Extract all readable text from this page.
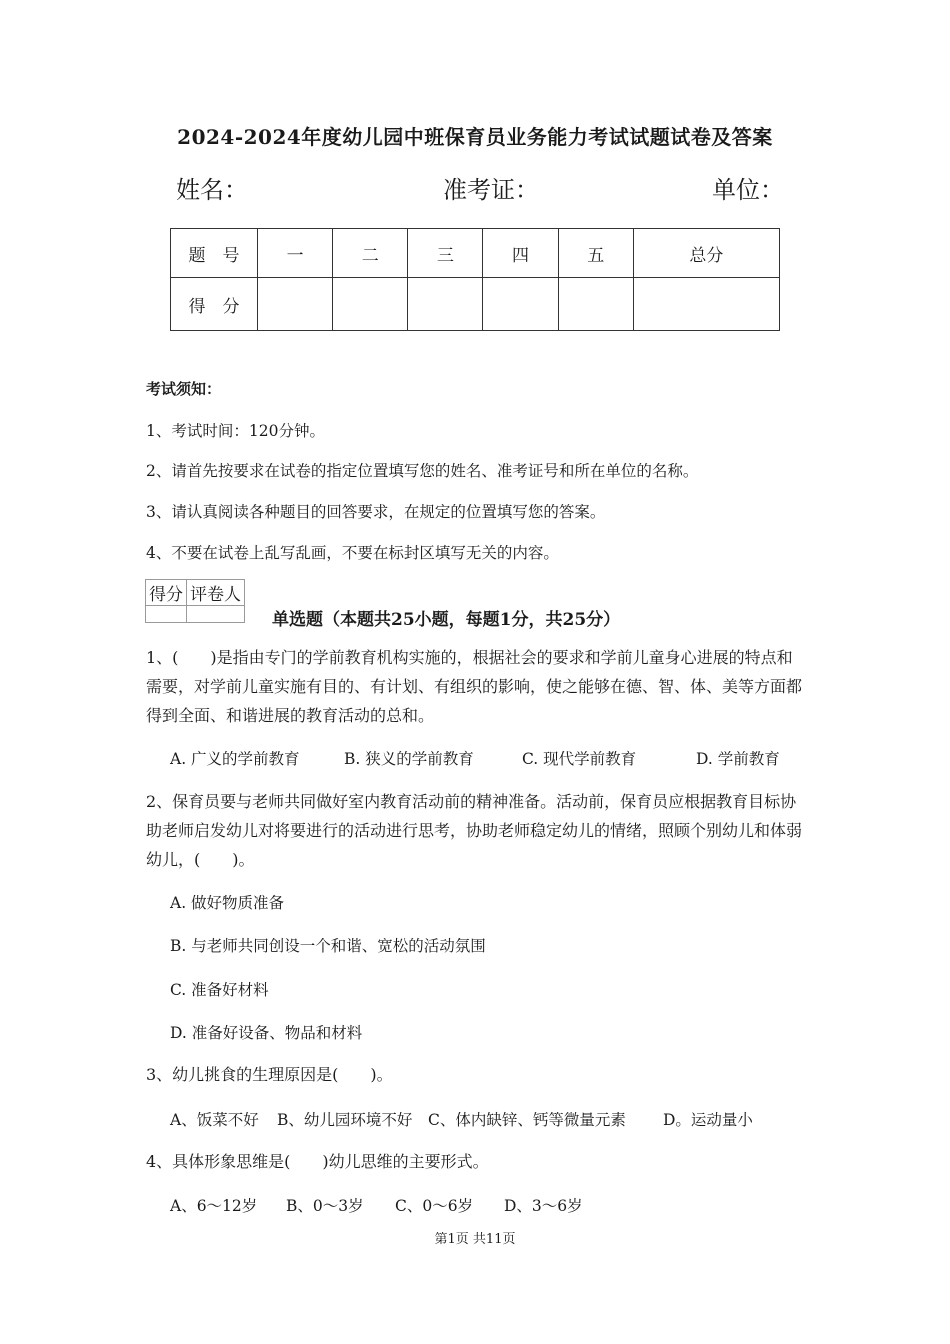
2024-2024年度幼儿园中班保育员业务能力考试试题试卷及答案
姓名：	准考证：	单位：
题　号	一	二	三	四	五	总分
得　分						
考试须知：
1、考试时间：120分钟。
2、请首先按要求在试卷的指定位置填写您的姓名、准考证号和所在单位的名称。
3、请认真阅读各种题目的回答要求，在规定的位置填写您的答案。
4、不要在试卷上乱写乱画，不要在标封区填写无关的内容。
得分	评卷人

单选题（本题共25小题，每题1分，共25分）
1、(　　)是指由专门的学前教育机构实施的，根据社会的要求和学前儿童身心进展的特点和需要，对学前儿童实施有目的、有计划、有组织的影响，使之能够在德、智、体、美等方面都得到全面、和谐进展的教育活动的总和。
A. 广义的学前教育	B. 狭义的学前教育	C. 现代学前教育	D. 学前教育
2、保育员要与老师共同做好室内教育活动前的精神准备。活动前，保育员应根据教育目标协助老师启发幼儿对将要进行的活动进行思考，协助老师稳定幼儿的情绪，照顾个别幼儿和体弱幼儿，(　　)。
A. 做好物质准备
B. 与老师共同创设一个和谐、宽松的活动氛围
C. 准备好材料
D. 准备好设备、物品和材料
3、幼儿挑食的生理原因是(　　)。
A、饭菜不好 B、幼儿园环境不好 C、体内缺锌、钙等微量元素 D。运动量小
4、具体形象思维是(　　)幼儿思维的主要形式。
A、6～12岁 B、0～3岁 C、0～6岁 D、3～6岁
第1页 共11页
